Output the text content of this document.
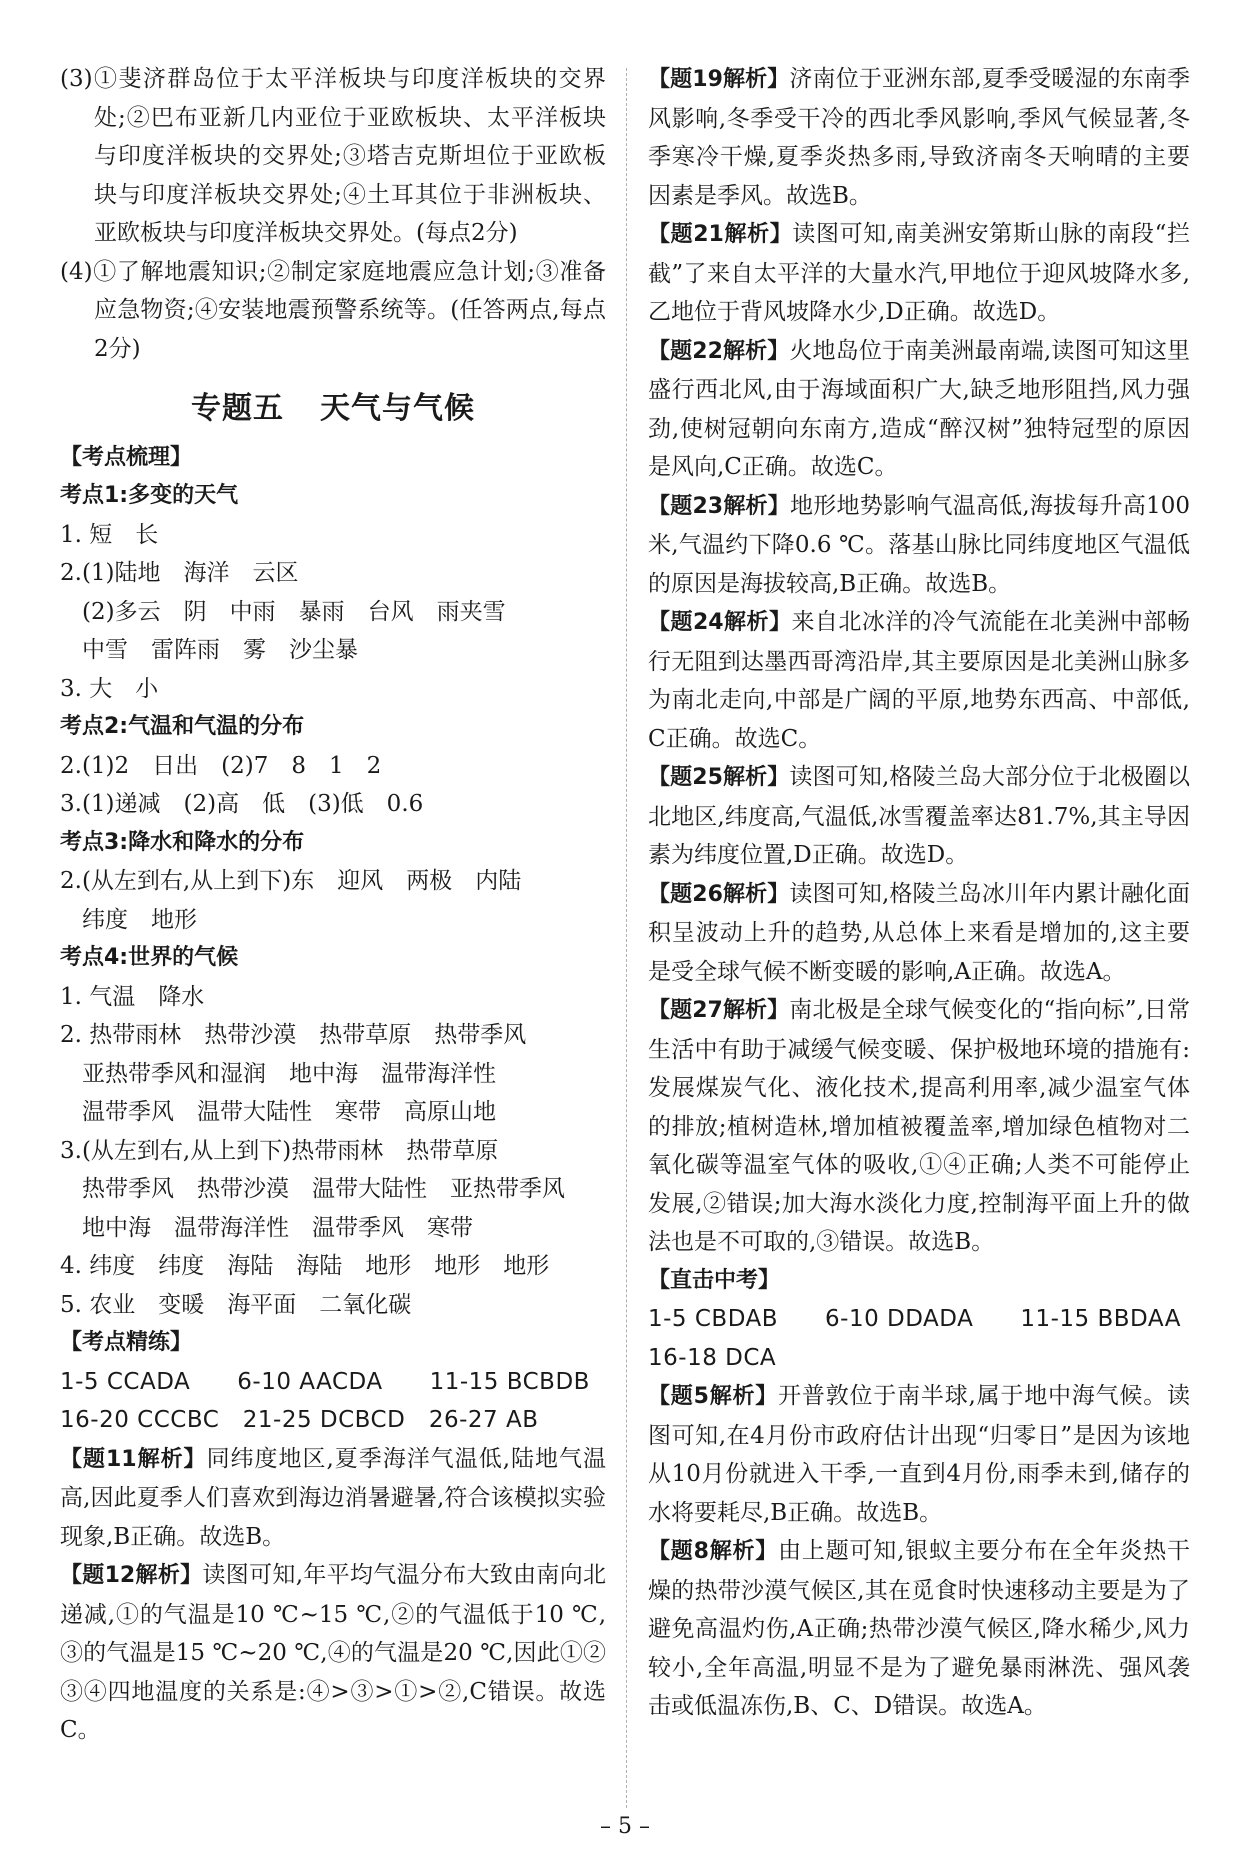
(3)①斐济群岛位于太平洋板块与印度洋板块的交界处;②巴布亚新几内亚位于亚欧板块、太平洋板块与印度洋板块的交界处;③塔吉克斯坦位于亚欧板块与印度洋板块交界处;④土耳其位于非洲板块、亚欧板块与印度洋板块交界处。(每点2分)

(4)①了解地震知识;②制定家庭地震应急计划;③准备应急物资;④安装地震预警系统等。(任答两点,每点2分)

专题五 天气与气候
【考点梳理】
考点1:多变的天气

1. 短　长

2.(1)陆地　海洋　云区

(2)多云　阴　中雨　暴雨　台风　雨夹雪

中雪　雷阵雨　雾　沙尘暴

3. 大　小

考点2:气温和气温的分布

2.(1)2　日出　(2)7　8　1　2

3.(1)递减　(2)高　低　(3)低　0.6

考点3:降水和降水的分布

2.(从左到右,从上到下)东　迎风　两极　内陆

纬度　地形

考点4:世界的气候

1. 气温　降水

2. 热带雨林　热带沙漠　热带草原　热带季风

亚热带季风和湿润　地中海　温带海洋性

温带季风　温带大陆性　寒带　高原山地

3.(从左到右,从上到下)热带雨林　热带草原

热带季风　热带沙漠　温带大陆性　亚热带季风

地中海　温带海洋性　温带季风　寒带

4. 纬度　纬度　海陆　海陆　地形　地形　地形

5. 农业　变暖　海平面　二氧化碳

【考点精练】

1-5 CCADA　　6-10 AACDA　　11-15 BCBDB

16-20 CCCBC　21-25 DCBCD　26-27 AB

【题11解析】同纬度地区,夏季海洋气温低,陆地气温高,因此夏季人们喜欢到海边消暑避暑,符合该模拟实验现象,B正确。故选B。

【题12解析】读图可知,年平均气温分布大致由南向北递减,①的气温是10 ℃~15 ℃,②的气温低于10 ℃,③的气温是15 ℃~20 ℃,④的气温是20 ℃,因此①②③④四地温度的关系是:④>③>①>②,C错误。故选C。

【题19解析】济南位于亚洲东部,夏季受暖湿的东南季风影响,冬季受干冷的西北季风影响,季风气候显著,冬季寒冷干燥,夏季炎热多雨,导致济南冬天响晴的主要因素是季风。故选B。

【题21解析】读图可知,南美洲安第斯山脉的南段“拦截”了来自太平洋的大量水汽,甲地位于迎风坡降水多,乙地位于背风坡降水少,D正确。故选D。

【题22解析】火地岛位于南美洲最南端,读图可知这里盛行西北风,由于海域面积广大,缺乏地形阻挡,风力强劲,使树冠朝向东南方,造成“醉汉树”独特冠型的原因是风向,C正确。故选C。

【题23解析】地形地势影响气温高低,海拔每升高100米,气温约下降0.6 ℃。落基山脉比同纬度地区气温低的原因是海拔较高,B正确。故选B。

【题24解析】来自北冰洋的冷气流能在北美洲中部畅行无阻到达墨西哥湾沿岸,其主要原因是北美洲山脉多为南北走向,中部是广阔的平原,地势东西高、中部低,C正确。故选C。

【题25解析】读图可知,格陵兰岛大部分位于北极圈以北地区,纬度高,气温低,冰雪覆盖率达81.7%,其主导因素为纬度位置,D正确。故选D。

【题26解析】读图可知,格陵兰岛冰川年内累计融化面积呈波动上升的趋势,从总体上来看是增加的,这主要是受全球气候不断变暖的影响,A正确。故选A。

【题27解析】南北极是全球气候变化的“指向标”,日常生活中有助于减缓气候变暖、保护极地环境的措施有:发展煤炭气化、液化技术,提高利用率,减少温室气体的排放;植树造林,增加植被覆盖率,增加绿色植物对二氧化碳等温室气体的吸收,①④正确;人类不可能停止发展,②错误;加大海水淡化力度,控制海平面上升的做法也是不可取的,③错误。故选B。

【直击中考】

1-5 CBDAB　　6-10 DDADA　　11-15 BBDAA

16-18 DCA

【题5解析】开普敦位于南半球,属于地中海气候。读图可知,在4月份市政府估计出现“归零日”是因为该地从10月份就进入干季,一直到4月份,雨季未到,储存的水将要耗尽,B正确。故选B。

【题8解析】由上题可知,银蚁主要分布在全年炎热干燥的热带沙漠气候区,其在觅食时快速移动主要是为了避免高温灼伤,A正确;热带沙漠气候区,降水稀少,风力较小,全年高温,明显不是为了避免暴雨淋洗、强风袭击或低温冻伤,B、C、D错误。故选A。

– 5 –
